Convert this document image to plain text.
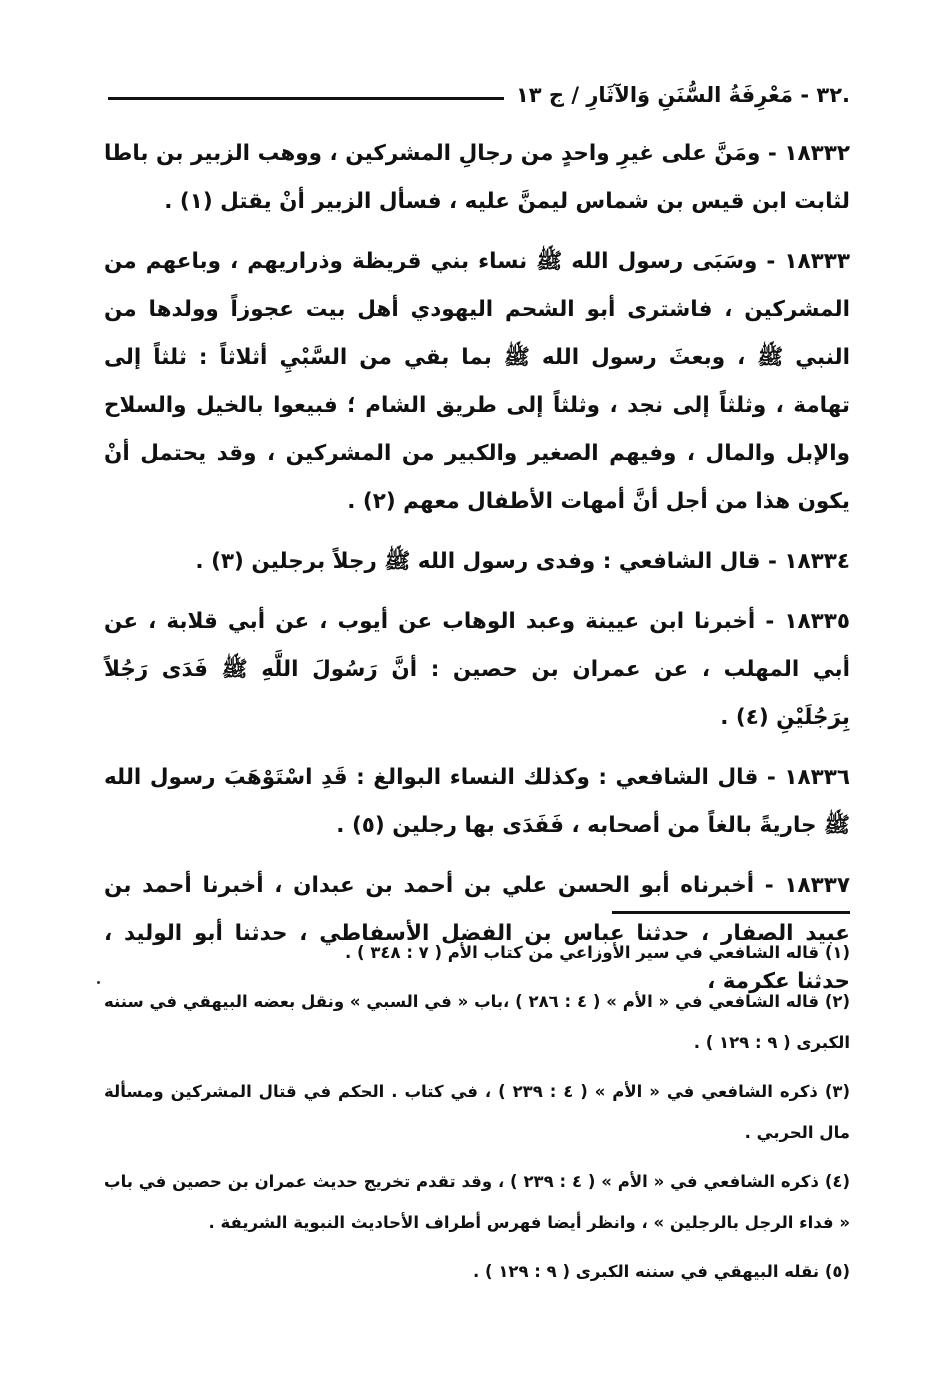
.٣٢ - مَعْرِفَةُ السُّنَنِ وَالآثَارِ / ج ١٣

١٨٣٣٢ - ومَنَّ على غيرِ واحدٍ من رجالِ المشركين ، ووهب الزبير بن باطا لثابت ابن قيس بن شماس ليمنَّ عليه ، فسأل الزبير أنْ يقتل (١) .

١٨٣٣٣ - وسَبَى رسول الله ﷺ نساء بني قريظة وذراريهم ، وباعهم من المشركين ، فاشترى أبو الشحم اليهودي أهل بيت عجوزاً وولدها من النبي ﷺ ، وبعثَ رسول الله ﷺ بما بقي من السَّبْيِ أثلاثاً : ثلثاً إلى تهامة ، وثلثاً إلى نجد ، وثلثاً إلى طريق الشام ؛ فبيعوا بالخيل والسلاح والإبل والمال ، وفيهم الصغير والكبير من المشركين ، وقد يحتمل أنْ يكون هذا من أجل أنَّ أمهات الأطفال معهم (٢) .

١٨٣٣٤ - قال الشافعي : وفدى رسول الله ﷺ رجلاً برجلين (٣) .

١٨٣٣٥ - أخبرنا ابن عيينة وعبد الوهاب عن أيوب ، عن أبي قلابة ، عن أبي المهلب ، عن عمران بن حصين : أنَّ رَسُولَ اللَّهِ ﷺ فَدَى رَجُلاً بِرَجُلَيْنِ (٤) .

١٨٣٣٦ - قال الشافعي : وكذلك النساء البوالغ : قَدِ اسْتَوْهَبَ رسول الله ﷺ جاريةً بالغاً من أصحابه ، فَفَدَى بها رجلين (٥) .

١٨٣٣٧ - أخبرناه أبو الحسن علي بن أحمد بن عبدان ، أخبرنا أحمد بن عبيد الصفار ، حدثنا عباس بن الفضل الأسفاطي ، حدثنا أبو الوليد ، حدثنا عكرمة ،

(١) قاله الشافعي في سير الأوزاعي من كتاب الأم ( ٧ : ٣٤٨ ) .

(٢) قاله الشافعي في « الأم » ( ٤ : ٢٨٦ ) ،باب « في السبي » ونقل بعضه البيهقي في سننه الكبرى ( ٩ : ١٢٩ ) .

(٣) ذكره الشافعي في « الأم » ( ٤ : ٢٣٩ ) ، في كتاب . الحكم في قتال المشركين ومسألة مال الحربي .

(٤) ذكره الشافعي في « الأم » ( ٤ : ٢٣٩ ) ، وقد تقدم تخريج حديث عمران بن حصين في باب « فداء الرجل بالرجلين » ، وانظر أيضا فهرس أطراف الأحاديث النبوية الشريفة .

(٥) نقله البيهقي في سننه الكبرى ( ٩ : ١٢٩ ) .
